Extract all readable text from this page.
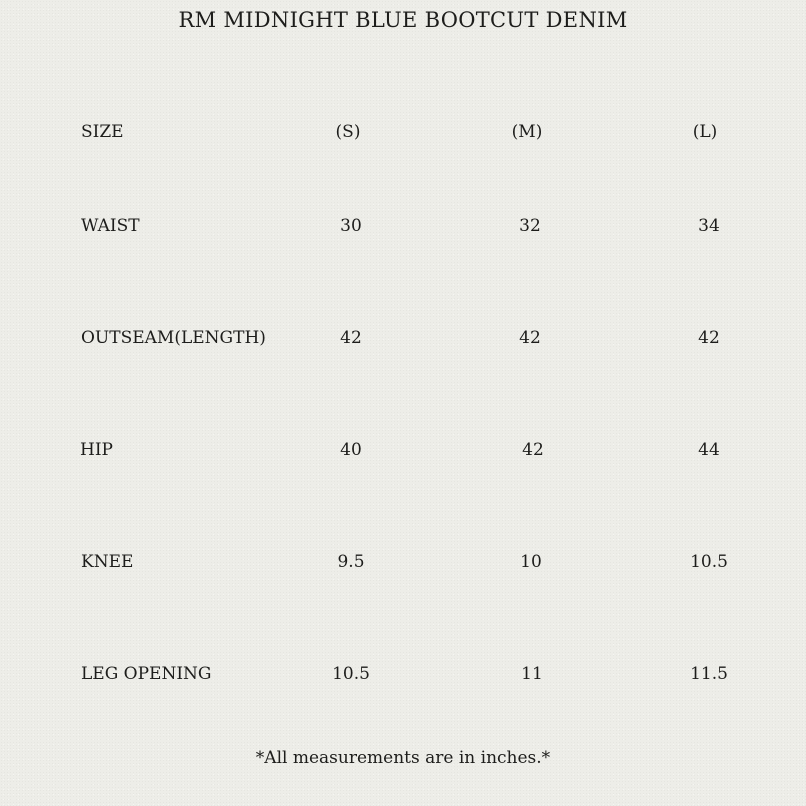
RM MIDNIGHT BLUE BOOTCUT DENIM
SIZE	(S)	(M)	(L)
WAIST	30	32	34
OUTSEAM(LENGTH)	42	42	42
HIP	40	42	44
KNEE	9.5	10	10.5
LEG OPENING	10.5	11	11.5
*All measurements are in inches.*
